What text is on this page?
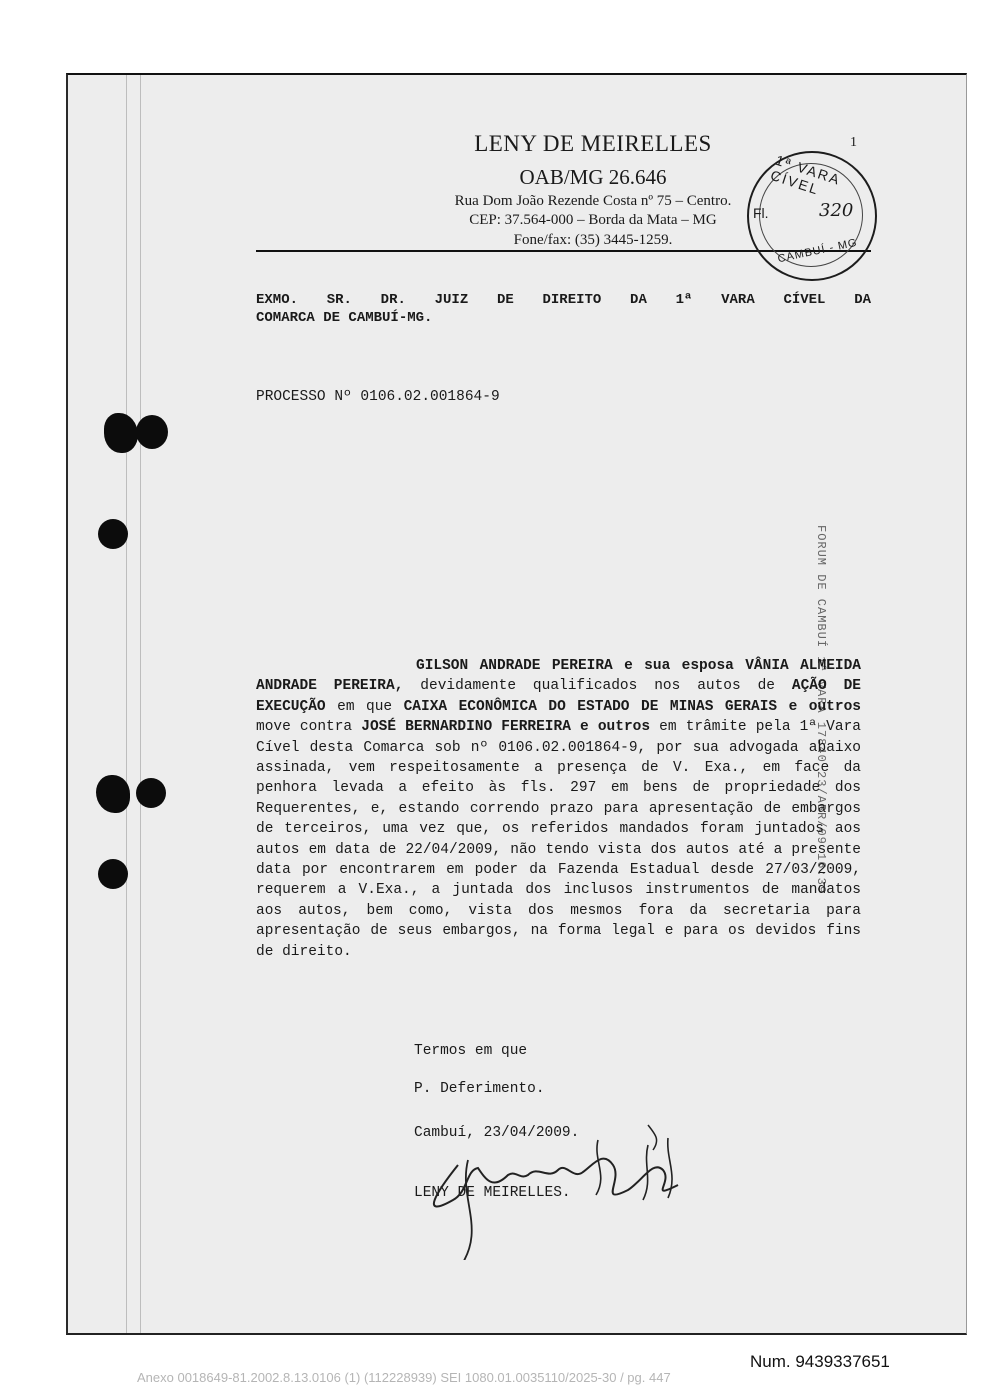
1
LENY DE MEIRELLES
OAB/MG 26.646
Rua Dom João Rezende Costa nº 75 – Centro.
CEP: 37.564-000 – Borda da Mata – MG
Fone/fax: (35) 3445-1259.
1ª VARA CÍVEL
Fl.	320
CAMBUÍ - MG
EXMO. SR. DR. JUIZ DE DIREITO DA 1ª VARA CÍVEL DA
COMARCA DE CAMBUÍ-MG.
PROCESSO Nº 0106.02.001864-9
FORUM DE CAMBUÍ 1ª VARA 17840 23/ABR/09 16:39

GILSON ANDRADE PEREIRA e sua esposa VÂNIA ALMEIDA ANDRADE PEREIRA, devidamente qualificados nos autos de AÇÃO DE EXECUÇÃO em que CAIXA ECONÔMICA DO ESTADO DE MINAS GERAIS e outros move contra JOSÉ BERNARDINO FERREIRA e outros em trâmite pela 1ª Vara Cível desta Comarca sob nº 0106.02.001864-9, por sua advogada abaixo assinada, vem respeitosamente a presença de V. Exa., em face da penhora levada a efeito às fls. 297 em bens de propriedade dos Requerentes, e, estando correndo prazo para apresentação de embargos de terceiros, uma vez que, os referidos mandados foram juntados aos autos em data de 22/04/2009, não tendo vista dos autos até a presente data por encontrarem em poder da Fazenda Estadual desde 27/03/2009, requerem a V.Exa., a juntada dos inclusos instrumentos de mandatos aos autos, bem como, vista dos mesmos fora da secretaria para apresentação de seus embargos, na forma legal e para os devidos fins de direito.

Termos em que
P. Deferimento.
Cambuí, 23/04/2009.
LENY DE MEIRELLES.
Num. 9439337651
Anexo 0018649-81.2002.8.13.0106 (1) (112228939) SEI 1080.01.0035110/2025-30 / pg. 447
